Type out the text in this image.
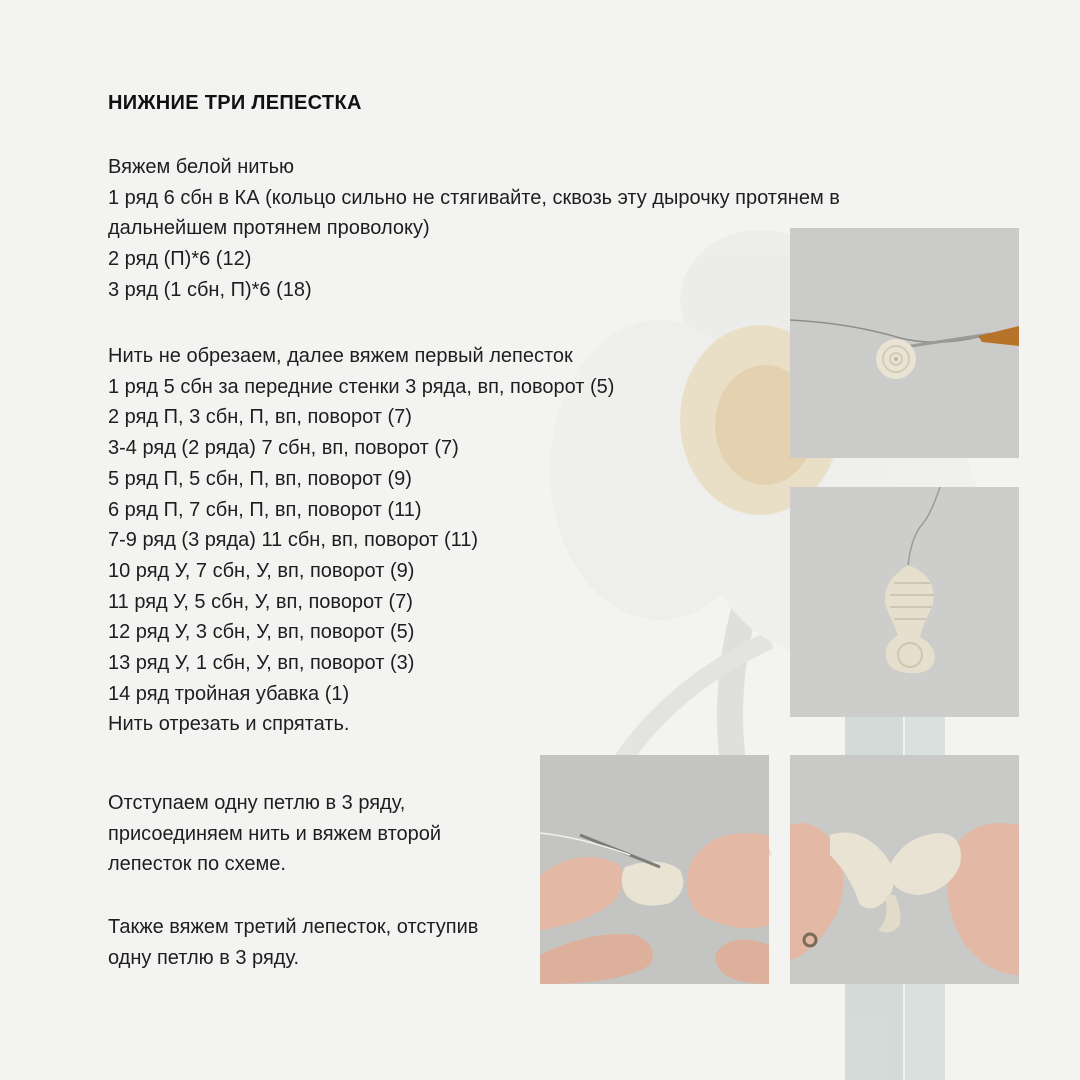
НИЖНИЕ ТРИ ЛЕПЕСТКА
Вяжем белой нитью
1 ряд 6 сбн в КА (кольцо сильно не стягивайте, сквозь эту дырочку протянем в
дальнейшем протянем проволоку)
2 ряд (П)*6 (12)
3 ряд (1 сбн, П)*6 (18)
Нить не обрезаем, далее вяжем первый лепесток
1 ряд 5 сбн за передние стенки 3 ряда, вп, поворот (5)
2 ряд П, 3 сбн, П, вп, поворот (7)
3-4 ряд (2 ряда) 7 сбн, вп, поворот (7)
5 ряд П, 5 сбн, П, вп, поворот (9)
6 ряд П, 7 сбн, П, вп, поворот (11)
7-9 ряд (3 ряда) 11 сбн, вп, поворот (11)
10 ряд У, 7 сбн, У, вп, поворот (9)
11 ряд У, 5 сбн, У, вп, поворот (7)
12 ряд У, 3 сбн, У, вп, поворот (5)
13 ряд У, 1 сбн, У, вп, поворот (3)
14 ряд тройная убавка (1)
Нить отрезать и спрятать.
Отступаем одну петлю в 3 ряду,
присоединяем нить и вяжем второй
лепесток по схеме.
Также вяжем третий лепесток, отступив
одну петлю в 3 ряду.
